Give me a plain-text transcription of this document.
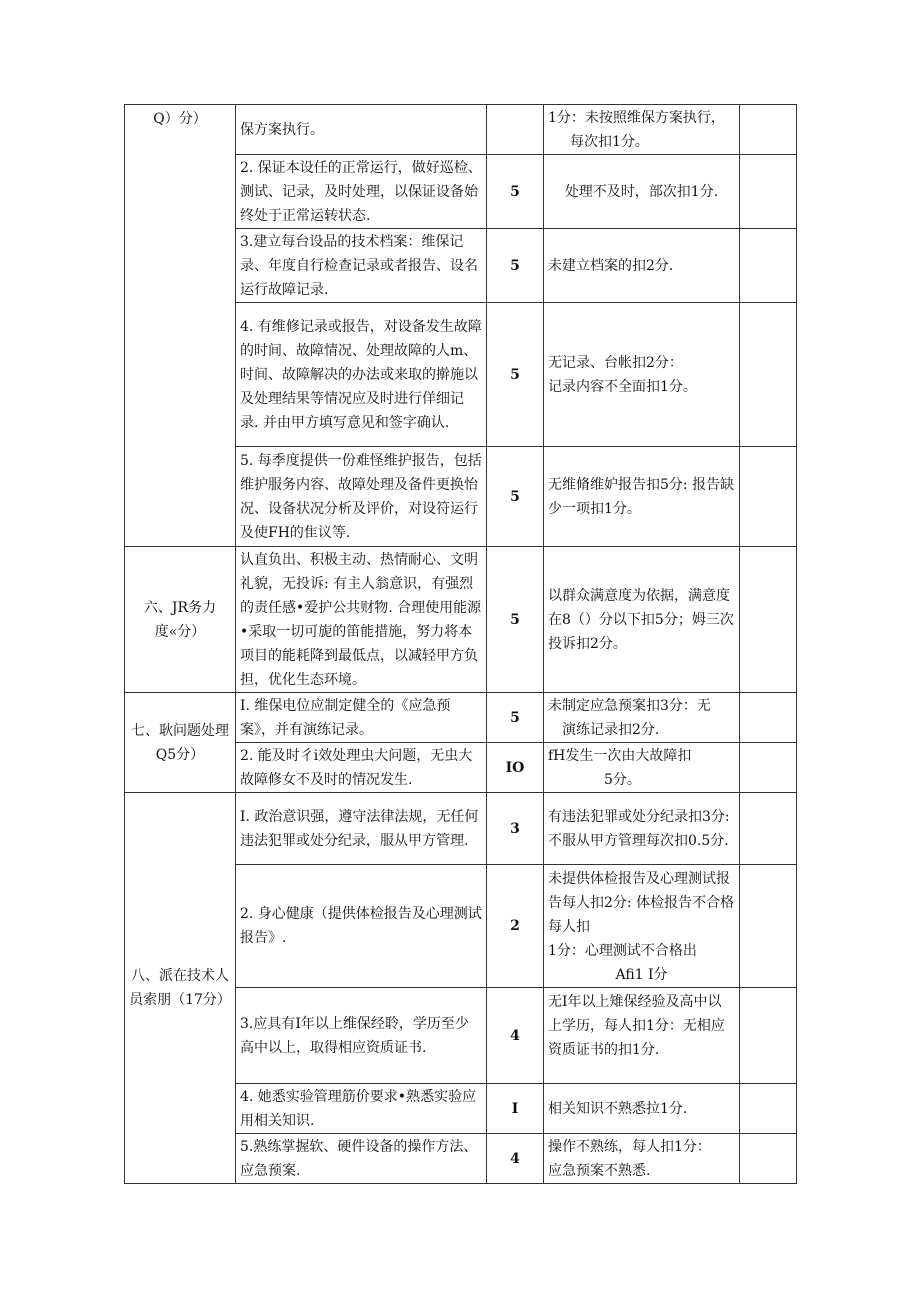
Q）分）	保方案执行。		1分：未按照维保方案执行，
每次扣1分。	
	2. 保证本设任的正常运行，做好巡检、测试、记录，及时处理，以保证设备始终处于正常运转状态.	5	处理不及时，部次扣1分.	
	3.建立每台设品的技术档案：维保记录、年度自行检查记录或者报告、设名运行故障记录.	5	未建立档案的扣2分.	
	4. 有维修记录或报告，对设备发生故障的时间、故障情况、处理故障的人m、时间、故障解决的办法或来取的擀施以及处理结果等情况应及时进行佯细记录. 并由甲方填写意见和签字确认.	5	无记录、台帐扣2分：
记录内容不全面扣1分。	
	5. 每季度提供一份难怪维护报告，包括维护服务内容、故障处理及备件更换怡况、设备状况分析及评价，对设符运行及使FH的隹议等.	5	无维脩维妒报告扣5分: 报告缺少一项扣1分。	
六、JR务力度«分）	认直负出、积极主动、热情耐心、文明礼貌，无投诉: 有主人翁意识，有强烈的责任感•爱护公共财物. 合理使用能源•采取一切可旎的笛能措施，努力将本项目的能耗降到最低点，以减轻甲方负担，优化生态环境。	5	以群众满意度为依据，满意度在8（）分以下扣5分；姆三次投诉扣2分。	
七、耿问题处理Q5分）	I. 维保电位应制定健全的《应急预案》，并有演练记录。	5	未制定应急预案扣3分：无
演练记录扣2分.	
	2. 能及时彳i效处理虫大问题，无虫大故障修女不及时的情况发生.	IO	fH发生一次由大故障扣
5分。	
八、派在技术人员索朋（17分）	I. 政治意识强，遵守法律法规，无任何违法犯罪或处分纪录，服从甲方管理.	3	有违法犯罪或处分纪录扣3分: 不服从甲方管理每次扣0.5分.	
	2. 身心健康（提供体检报告及心理测试报告》.	2	未提供体检报告及心理测试报告每人扣2分: 体检报告不合格每人扣
1分：心理测试不合格出

Afi1 I分	

	3.应具有I年以上维保经聆，学历至少高中以上，取得相应资质证书.	4	无I年以上雉保经验及高中以上学历，每人扣1分：无相应资质证书的扣1分.	
	4. 她悉实验管理筋价要求•熟悉实验应用相关知识.	I	相关知识不熟悉拉1分.	
	5.熟练掌握软、硬件设备的操作方法、应急预案.	4	操作不熟练，每人扣1分：
应急预案不熟悉.	
